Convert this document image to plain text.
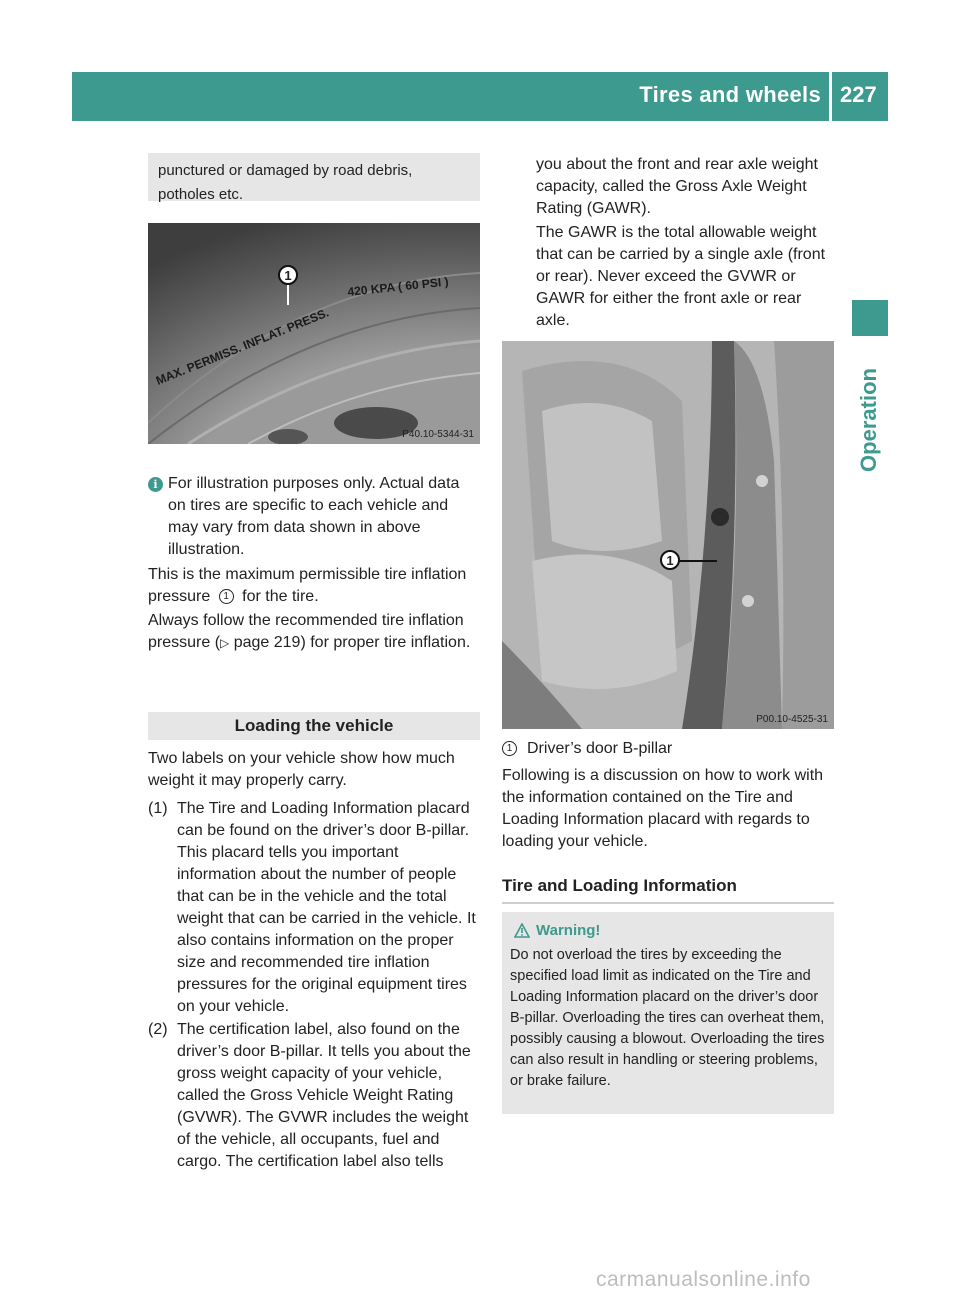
Tires and wheels 227
Operation
punctured or damaged by road debris, potholes etc.
MAX. PERMISS. INFLAT. PRESS.
420 KPA ( 60 PSI )
1
P40.10-5344-31
i For illustration purposes only. Actual data on tires are specific to each vehicle and may vary from data shown in above illustration.
This is the maximum permissible tire inflation pressure 1 for the tire.
Always follow the recommended tire inflation pressure (▷ page 219) for proper tire inflation.
Loading the vehicle
Two labels on your vehicle show how much weight it may properly carry.
(1) The Tire and Loading Information placard can be found on the driver’s door B-pillar. This placard tells you important information about the number of people that can be in the vehicle and the total weight that can be carried in the vehicle. It also contains information on the proper size and recommended tire inflation pressures for the original equipment tires on your vehicle.
(2) The certification label, also found on the driver’s door B-pillar. It tells you about the gross weight capacity of your vehicle, called the Gross Vehicle Weight Rating (GVWR). The GVWR includes the weight of the vehicle, all occupants, fuel and cargo. The certification label also tells
you about the front and rear axle weight capacity, called the Gross Axle Weight Rating (GAWR).
The GAWR is the total allowable weight that can be carried by a single axle (front or rear). Never exceed the GVWR or GAWR for either the front axle or rear axle.
1
P00.10-4525-31
1 Driver’s door B-pillar
Following is a discussion on how to work with the information contained on the Tire and Loading Information placard with regards to loading your vehicle.
Tire and Loading Information
Warning!
Do not overload the tires by exceeding the specified load limit as indicated on the Tire and Loading Information placard on the driver’s door B-pillar. Overloading the tires can overheat them, possibly causing a blowout. Overloading the tires can also result in handling or steering problems, or brake failure.
carmanualsonline.info
